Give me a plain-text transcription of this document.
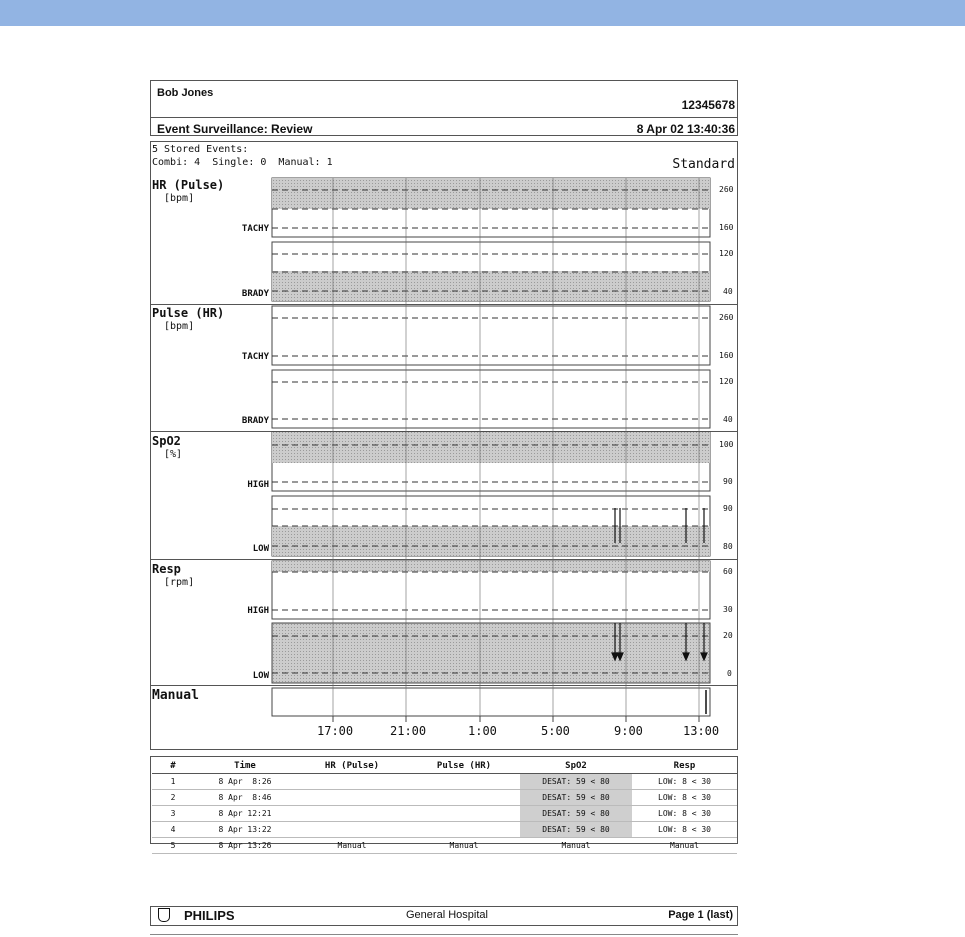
Bob Jones
12345678
Event Surveillance: Review	8 Apr 02 13:40:36
5 Stored Events:
Combi: 4  Single: 0  Manual: 1	Standard
HR (Pulse)
[bpm]
TACHY
BRADY
Pulse (HR)
[bpm]
TACHY
BRADY
SpO2
[%]
HIGH
LOW
Resp
[rpm]
HIGH
LOW
Manual
260
160
120
40
260
160
120
40
100
90
90
80
60
30
20
0
17:00	21:00	1:00	5:00	9:00	13:00
#	Time	HR (Pulse)	Pulse (HR)	SpO2	Resp
1	8 Apr  8:26			DESAT: 59 < 80	LOW: 8 < 30
2	8 Apr  8:46			DESAT: 59 < 80	LOW: 8 < 30
3	8 Apr 12:21			DESAT: 59 < 80	LOW: 8 < 30
4	8 Apr 13:22			DESAT: 59 < 80	LOW: 8 < 30
5	8 Apr 13:26	Manual	Manual	Manual	Manual
PHILIPS	General Hospital	Page 1 (last)
